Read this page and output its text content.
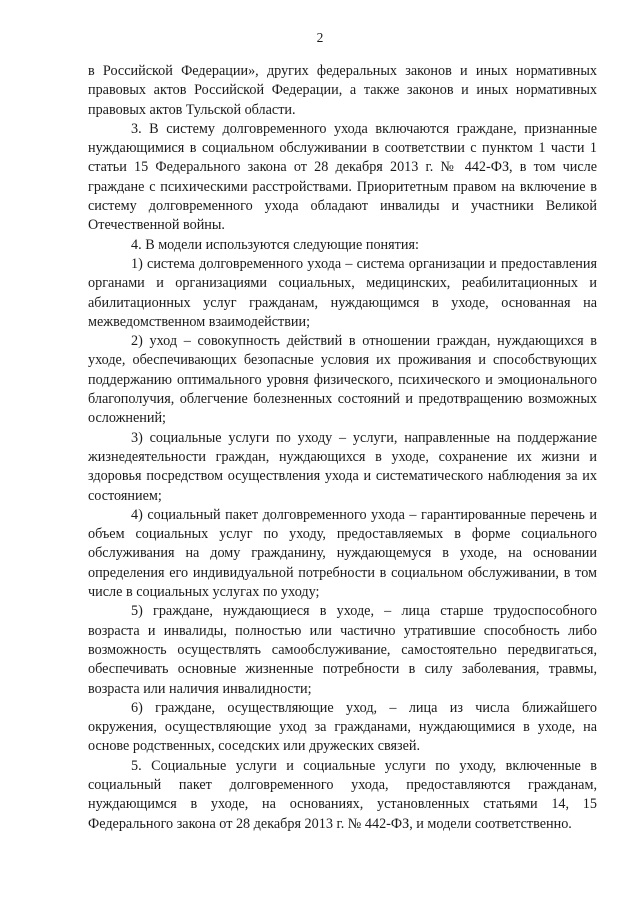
2

в Российской Федерации», других федеральных законов и иных нормативных правовых актов Российской Федерации, а также законов и иных нормативных правовых актов Тульской области.

3. В систему долговременного ухода включаются граждане, признанные нуждающимися в социальном обслуживании в соответствии с пунктом 1 части 1 статьи 15 Федерального закона от 28 декабря 2013 г. № 442-ФЗ, в том числе граждане с психическими расстройствами. Приоритетным правом на включение в систему долговременного ухода обладают инвалиды и участники Великой Отечественной войны.

4. В модели используются следующие понятия:

1) система долговременного ухода – система организации и предоставления органами и организациями социальных, медицинских, реабилитационных и абилитационных услуг гражданам, нуждающимся в уходе, основанная на межведомственном взаимодействии;

2) уход – совокупность действий в отношении граждан, нуждающихся в уходе, обеспечивающих безопасные условия их проживания и способствующих поддержанию оптимального уровня физического, психического и эмоционального благополучия, облегчение болезненных состояний и предотвращению возможных осложнений;

3) социальные услуги по уходу – услуги, направленные на поддержание жизнедеятельности граждан, нуждающихся в уходе, сохранение их жизни и здоровья посредством осуществления ухода и систематического наблюдения за их состоянием;

4) социальный пакет долговременного ухода – гарантированные перечень и объем социальных услуг по уходу, предоставляемых в форме социального обслуживания на дому гражданину, нуждающемуся в уходе, на основании определения его индивидуальной потребности в социальном обслуживании, в том числе в социальных услугах по уходу;

5) граждане, нуждающиеся в уходе, – лица старше трудоспособного возраста и инвалиды, полностью или частично утратившие способность либо возможность осуществлять самообслуживание, самостоятельно передвигаться, обеспечивать основные жизненные потребности в силу заболевания, травмы, возраста или наличия инвалидности;

6) граждане, осуществляющие уход, – лица из числа ближайшего окружения, осуществляющие уход за гражданами, нуждающимися в уходе, на основе родственных, соседских или дружеских связей.

5. Социальные услуги и социальные услуги по уходу, включенные в социальный пакет долговременного ухода, предоставляются гражданам, нуждающимся в уходе, на основаниях, установленных статьями 14, 15 Федерального закона от 28 декабря 2013 г. № 442-ФЗ, и модели соответственно.
